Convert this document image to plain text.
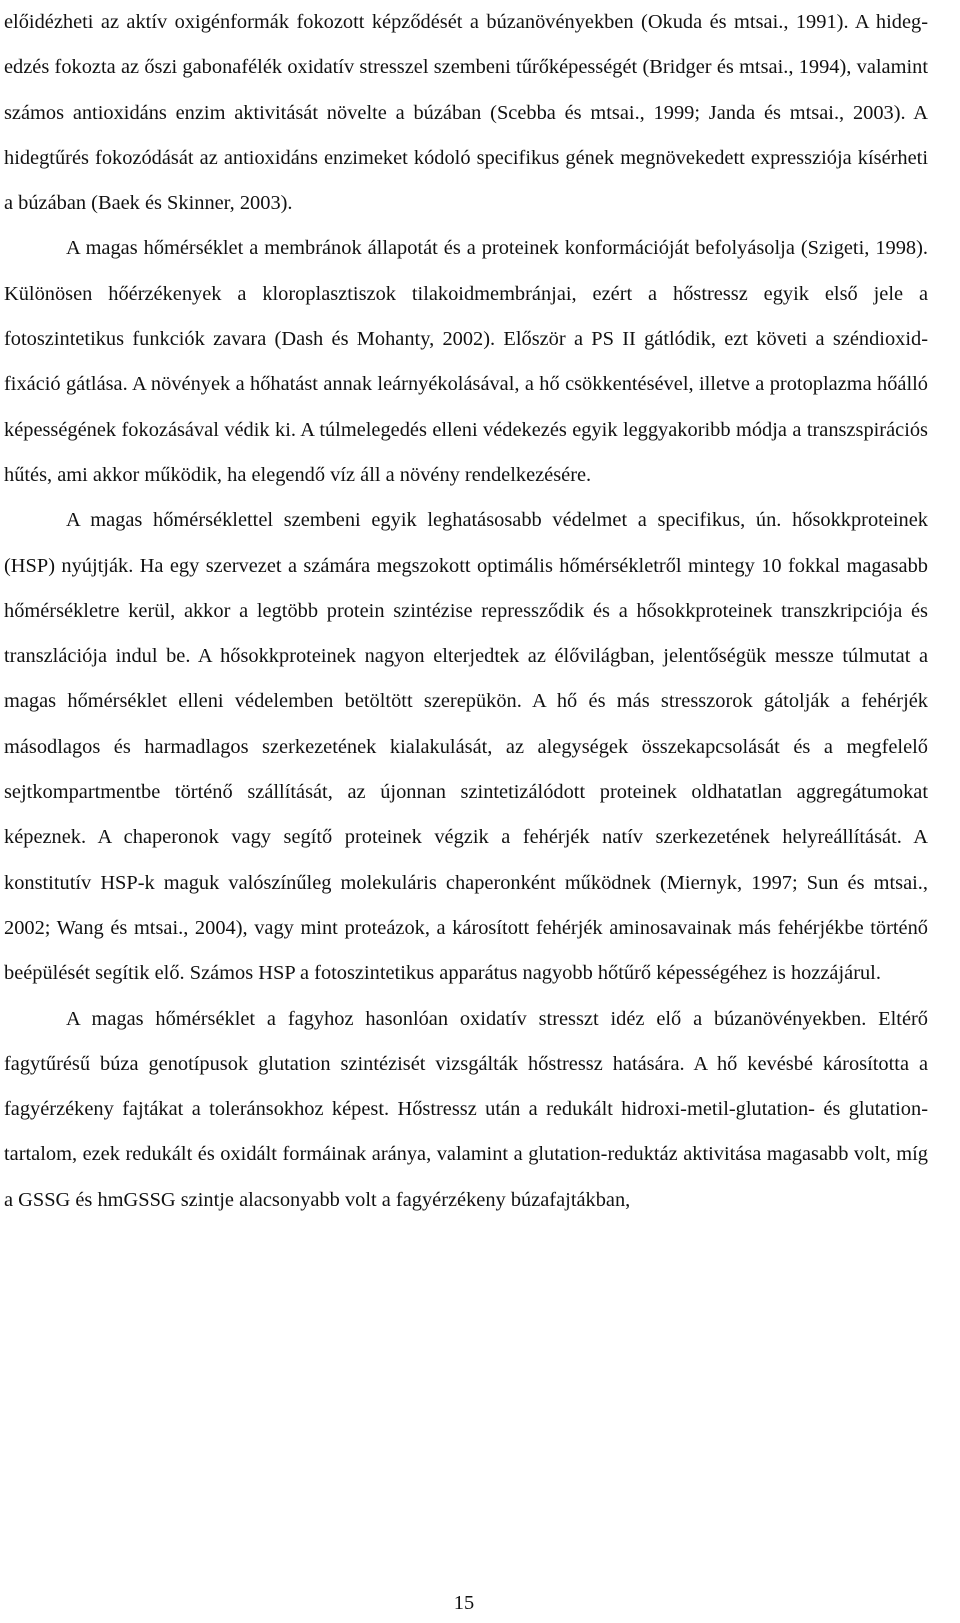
előidézheti az aktív oxigénformák fokozott képződését a búzanövényekben (Okuda és mtsai., 1991). A hideg-edzés fokozta az őszi gabonafélék oxidatív stresszel szembeni tűrőképességét (Bridger és mtsai., 1994), valamint számos antioxidáns enzim aktivitását növelte a búzában (Scebba és mtsai., 1999; Janda és mtsai., 2003). A hidegtűrés fokozódását az antioxidáns enzimeket kódoló specifikus gének megnövekedett expressziója kísérheti a búzában (Baek és Skinner, 2003).

A magas hőmérséklet a membránok állapotát és a proteinek konformációját befolyásolja (Szigeti, 1998). Különösen hőérzékenyek a kloroplasztiszok tilakoidmembránjai, ezért a hőstressz egyik első jele a fotoszintetikus funkciók zavara (Dash és Mohanty, 2002). Először a PS II gátlódik, ezt követi a széndioxid-fixáció gátlása. A növények a hőhatást annak leárnyékolásával, a hő csökkentésével, illetve a protoplazma hőálló képességének fokozásával védik ki. A túlmelegedés elleni védekezés egyik leggyakoribb módja a transzspirációs hűtés, ami akkor működik, ha elegendő víz áll a növény rendelkezésére.

A magas hőmérséklettel szembeni egyik leghatásosabb védelmet a specifikus, ún. hősokkproteinek (HSP) nyújtják. Ha egy szervezet a számára megszokott optimális hőmérsékletről mintegy 10 fokkal magasabb hőmérsékletre kerül, akkor a legtöbb protein szintézise repressződik és a hősokkproteinek transzkripciója és transzlációja indul be. A hősokkproteinek nagyon elterjedtek az élővilágban, jelentőségük messze túlmutat a magas hőmérséklet elleni védelemben betöltött szerepükön. A hő és más stresszorok gátolják a fehérjék másodlagos és harmadlagos szerkezetének kialakulását, az alegységek összekapcsolását és a megfelelő sejtkompartmentbe történő szállítását, az újonnan szintetizálódott proteinek oldhatatlan aggregátumokat képeznek. A chaperonok vagy segítő proteinek végzik a fehérjék natív szerkezetének helyreállítását. A konstitutív HSP-k maguk valószínűleg molekuláris chaperonként működnek (Miernyk, 1997; Sun és mtsai., 2002; Wang és mtsai., 2004), vagy mint proteázok, a károsított fehérjék aminosavainak más fehérjékbe történő beépülését segítik elő. Számos HSP a fotoszintetikus apparátus nagyobb hőtűrő képességéhez is hozzájárul.

A magas hőmérséklet a fagyhoz hasonlóan oxidatív stresszt idéz elő a búzanövényekben. Eltérő fagytűrésű búza genotípusok glutation szintézisét vizsgálták hőstressz hatására. A hő kevésbé károsította a fagyérzékeny fajtákat a toleránsokhoz képest. Hőstressz után a redukált hidroxi-metil-glutation- és glutation-tartalom, ezek redukált és oxidált formáinak aránya, valamint a glutation-reduktáz aktivitása magasabb volt, míg a GSSG és hmGSSG szintje alacsonyabb volt a fagyérzékeny búzafajtákban,

15
